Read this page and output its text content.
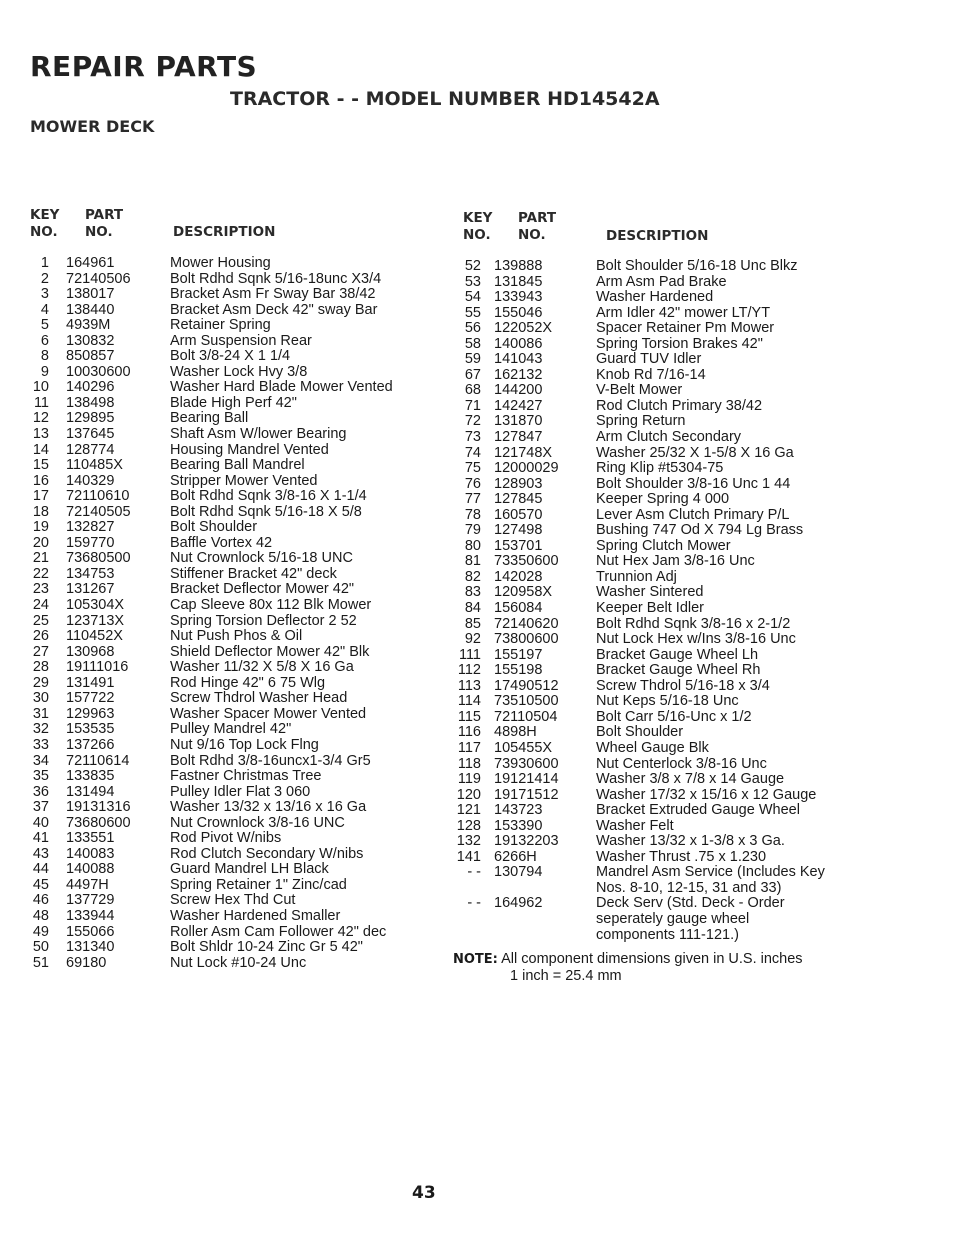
REPAIR PARTS
TRACTOR - - MODEL NUMBER HD14542A
MOWER DECK
KEY
NO.
PART
NO.	DESCRIPTION
KEY
NO.
PART
NO.	DESCRIPTION
1 164961	Mower Housing
2 72140506	Bolt Rdhd Sqnk 5/16-18unc X3/4
3 138017	Bracket Asm Fr Sway Bar 38/42
4 138440	Bracket Asm Deck 42" sway Bar
5 4939M	Retainer Spring
6 130832	Arm Suspension Rear
8 850857	Bolt 3/8-24 X 1 1/4
9 10030600	Washer Lock Hvy 3/8
10 140296	Washer Hard Blade Mower Vented
11 138498	Blade High Perf 42"
12 129895	Bearing Ball
13 137645	Shaft Asm W/lower Bearing
14 128774	Housing Mandrel Vented
15 110485X	Bearing Ball Mandrel
16 140329	Stripper Mower Vented
17 72110610	Bolt Rdhd Sqnk 3/8-16 X 1-1/4
18 72140505	Bolt Rdhd Sqnk 5/16-18 X 5/8
19 132827	Bolt Shoulder
20 159770	Baffle Vortex 42
21 73680500	Nut Crownlock 5/16-18 UNC
22 134753	Stiffener Bracket 42" deck
23 131267	Bracket Deflector Mower 42"
24 105304X	Cap Sleeve 80x 112 Blk Mower
25 123713X	Spring Torsion Deflector 2 52
26 110452X	Nut Push Phos & Oil
27 130968	Shield Deflector Mower 42" Blk
28 19111016	Washer 11/32 X 5/8 X 16 Ga
29 131491	Rod Hinge 42" 6 75 Wlg
30 157722	Screw Thdrol Washer Head
31 129963	Washer Spacer Mower Vented
32 153535	Pulley Mandrel 42"
33 137266	Nut 9/16 Top Lock Flng
34 72110614	Bolt Rdhd 3/8-16uncx1-3/4 Gr5
35 133835	Fastner Christmas Tree
36 131494	Pulley Idler Flat 3 060
37 19131316	Washer 13/32 x 13/16 x 16 Ga
40 73680600	Nut Crownlock 3/8-16 UNC
41 133551	Rod Pivot W/nibs
43 140083	Rod Clutch Secondary W/nibs
44 140088	Guard Mandrel LH Black
45 4497H	Spring Retainer 1" Zinc/cad
46 137729	Screw Hex Thd Cut
48 133944	Washer Hardened Smaller
49 155066	Roller Asm Cam Follower 42" dec
50 131340	Bolt Shldr 10-24 Zinc Gr 5 42"
51 69180	Nut Lock #10-24 Unc
52 139888	Bolt Shoulder 5/16-18 Unc Blkz
53 131845	Arm Asm Pad Brake
54 133943	Washer Hardened
55 155046	Arm Idler 42" mower LT/YT
56 122052X	Spacer Retainer Pm Mower
58 140086	Spring Torsion Brakes 42"
59 141043	Guard TUV Idler
67 162132	Knob Rd 7/16-14
68 144200	V-Belt Mower
71 142427	Rod Clutch Primary 38/42
72 131870	Spring Return
73 127847	Arm Clutch Secondary
74 121748X	Washer 25/32 X 1-5/8 X 16 Ga
75 12000029	Ring Klip #t5304-75
76 128903	Bolt Shoulder 3/8-16 Unc 1 44
77 127845	Keeper Spring 4 000
78 160570	Lever Asm Clutch Primary P/L
79 127498	Bushing 747 Od X 794 Lg Brass
80 153701	Spring Clutch Mower
81 73350600	Nut Hex Jam 3/8-16 Unc
82 142028	Trunnion Adj
83 120958X	Washer Sintered
84 156084	Keeper Belt Idler
85 72140620	Bolt Rdhd Sqnk 3/8-16 x 2-1/2
92 73800600	Nut Lock Hex w/Ins 3/8-16 Unc
111 155197	Bracket Gauge Wheel Lh
112 155198	Bracket Gauge Wheel Rh
113 17490512	Screw Thdrol 5/16-18 x 3/4
114 73510500	Nut Keps 5/16-18 Unc
115 72110504	Bolt Carr 5/16-Unc x 1/2
116 4898H	Bolt Shoulder
117 105455X	Wheel Gauge Blk
118 73930600	Nut Centerlock 3/8-16 Unc
119 19121414	Washer 3/8 x 7/8 x 14 Gauge
120 19171512	Washer 17/32 x 15/16 x 12 Gauge
121 143723	Bracket Extruded Gauge Wheel
128 153390	Washer Felt
132 19132203	Washer 13/32 x 1-3/8 x 3 Ga.
141 6266H	Washer Thrust .75 x 1.230
- - 130794	Mandrel Asm Service (Includes Key
Nos. 8-10, 12-15, 31 and 33)
- - 164962	Deck Serv (Std. Deck - Order
seperately gauge wheel
components 111-121.)
NOTE: All component dimensions given in U.S. inches
1 inch = 25.4 mm
43
